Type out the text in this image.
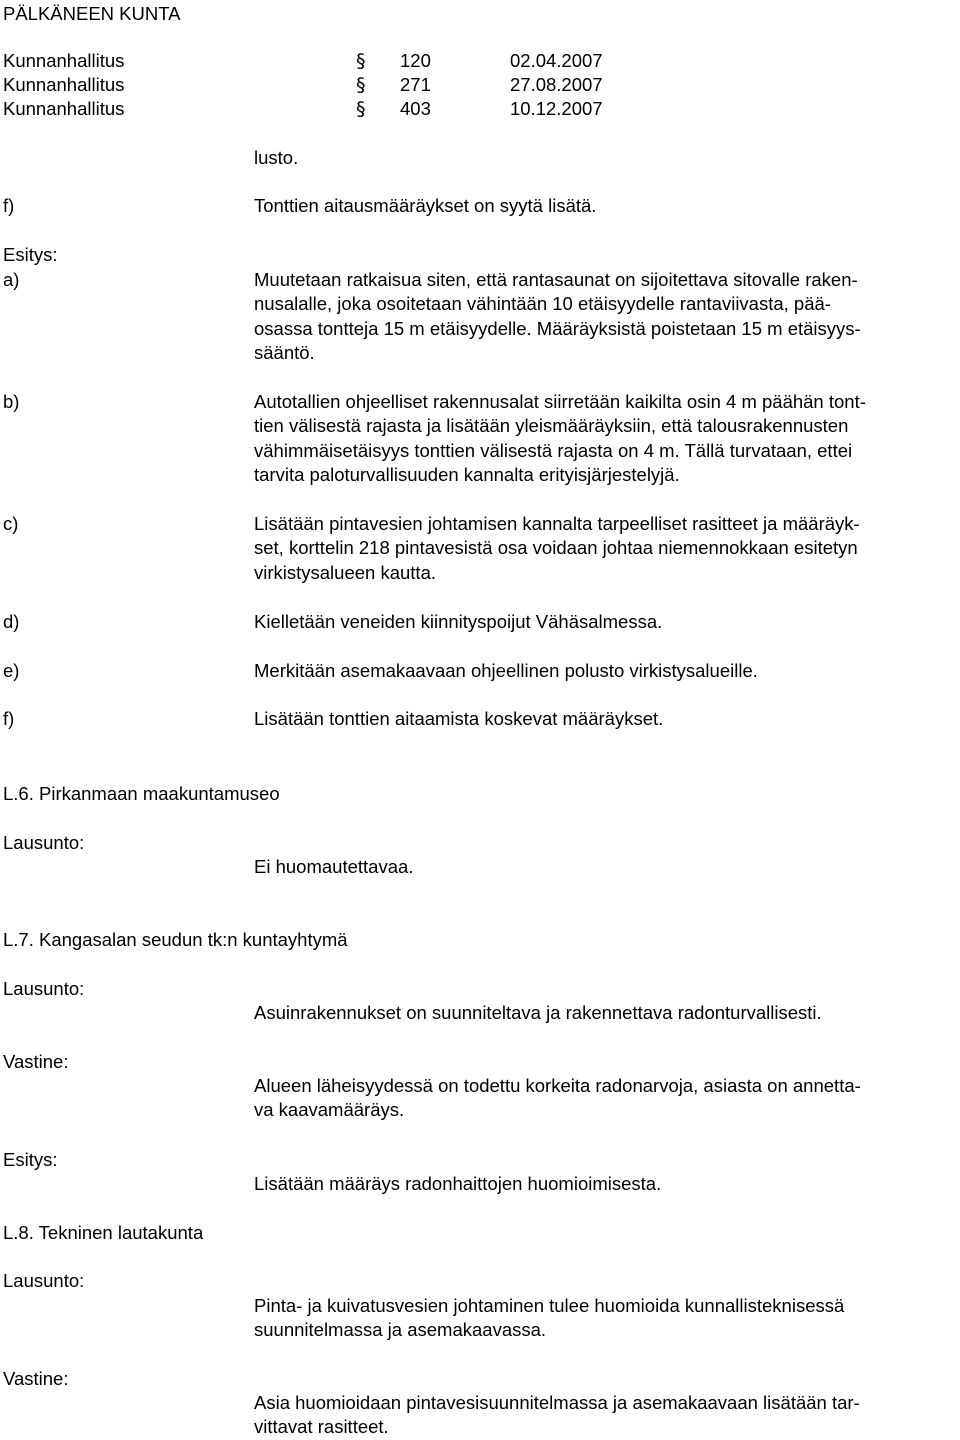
PÄLKÄNEEN KUNTA
Kunnanhallitus	§ 120	02.04.2007
Kunnanhallitus	§ 271	27.08.2007
Kunnanhallitus	§ 403	10.12.2007
lusto.
f)	Tonttien aitausmääräykset on syytä lisätä.
Esitys:
a)	Muutetaan ratkaisua siten, että rantasaunat on sijoitettava sitovalle raken-
nusalalle, joka osoitetaan vähintään 10 etäisyydelle rantaviivasta, pää-
osassa tontteja 15 m etäisyydelle. Määräyksistä poistetaan 15 m etäisyys-
sääntö.
b)	Autotallien ohjeelliset rakennusalat siirretään kaikilta osin 4 m päähän tont-
tien välisestä rajasta ja lisätään yleismääräyksiin, että talousrakennusten
vähimmäisetäisyys tonttien välisestä rajasta on 4 m. Tällä turvataan, ettei
tarvita paloturvallisuuden kannalta erityisjärjestelyjä.
c)	Lisätään pintavesien johtamisen kannalta tarpeelliset rasitteet ja määräyk-
set, korttelin 218 pintavesistä osa voidaan johtaa niemennokkaan esitetyn
virkistysalueen kautta.
d)	Kielletään veneiden kiinnityspoijut Vähäsalmessa.
e)	Merkitään asemakaavaan ohjeellinen polusto virkistysalueille.
f)	Lisätään tonttien aitaamista koskevat määräykset.
L.6. Pirkanmaan maakuntamuseo
Lausunto:
Ei huomautettavaa.
L.7. Kangasalan seudun tk:n kuntayhtymä
Lausunto:
Asuinrakennukset on suunniteltava ja rakennettava radonturvallisesti.
Vastine:
Alueen läheisyydessä on todettu korkeita radonarvoja, asiasta on annetta-
va kaavamääräys.
Esitys:
Lisätään määräys radonhaittojen huomioimisesta.
L.8. Tekninen lautakunta
Lausunto:
Pinta- ja kuivatusvesien johtaminen tulee huomioida kunnallisteknisessä
suunnitelmassa ja asemakaavassa.
Vastine:
Asia huomioidaan pintavesisuunnitelmassa ja asemakaavaan lisätään tar-
vittavat rasitteet.
